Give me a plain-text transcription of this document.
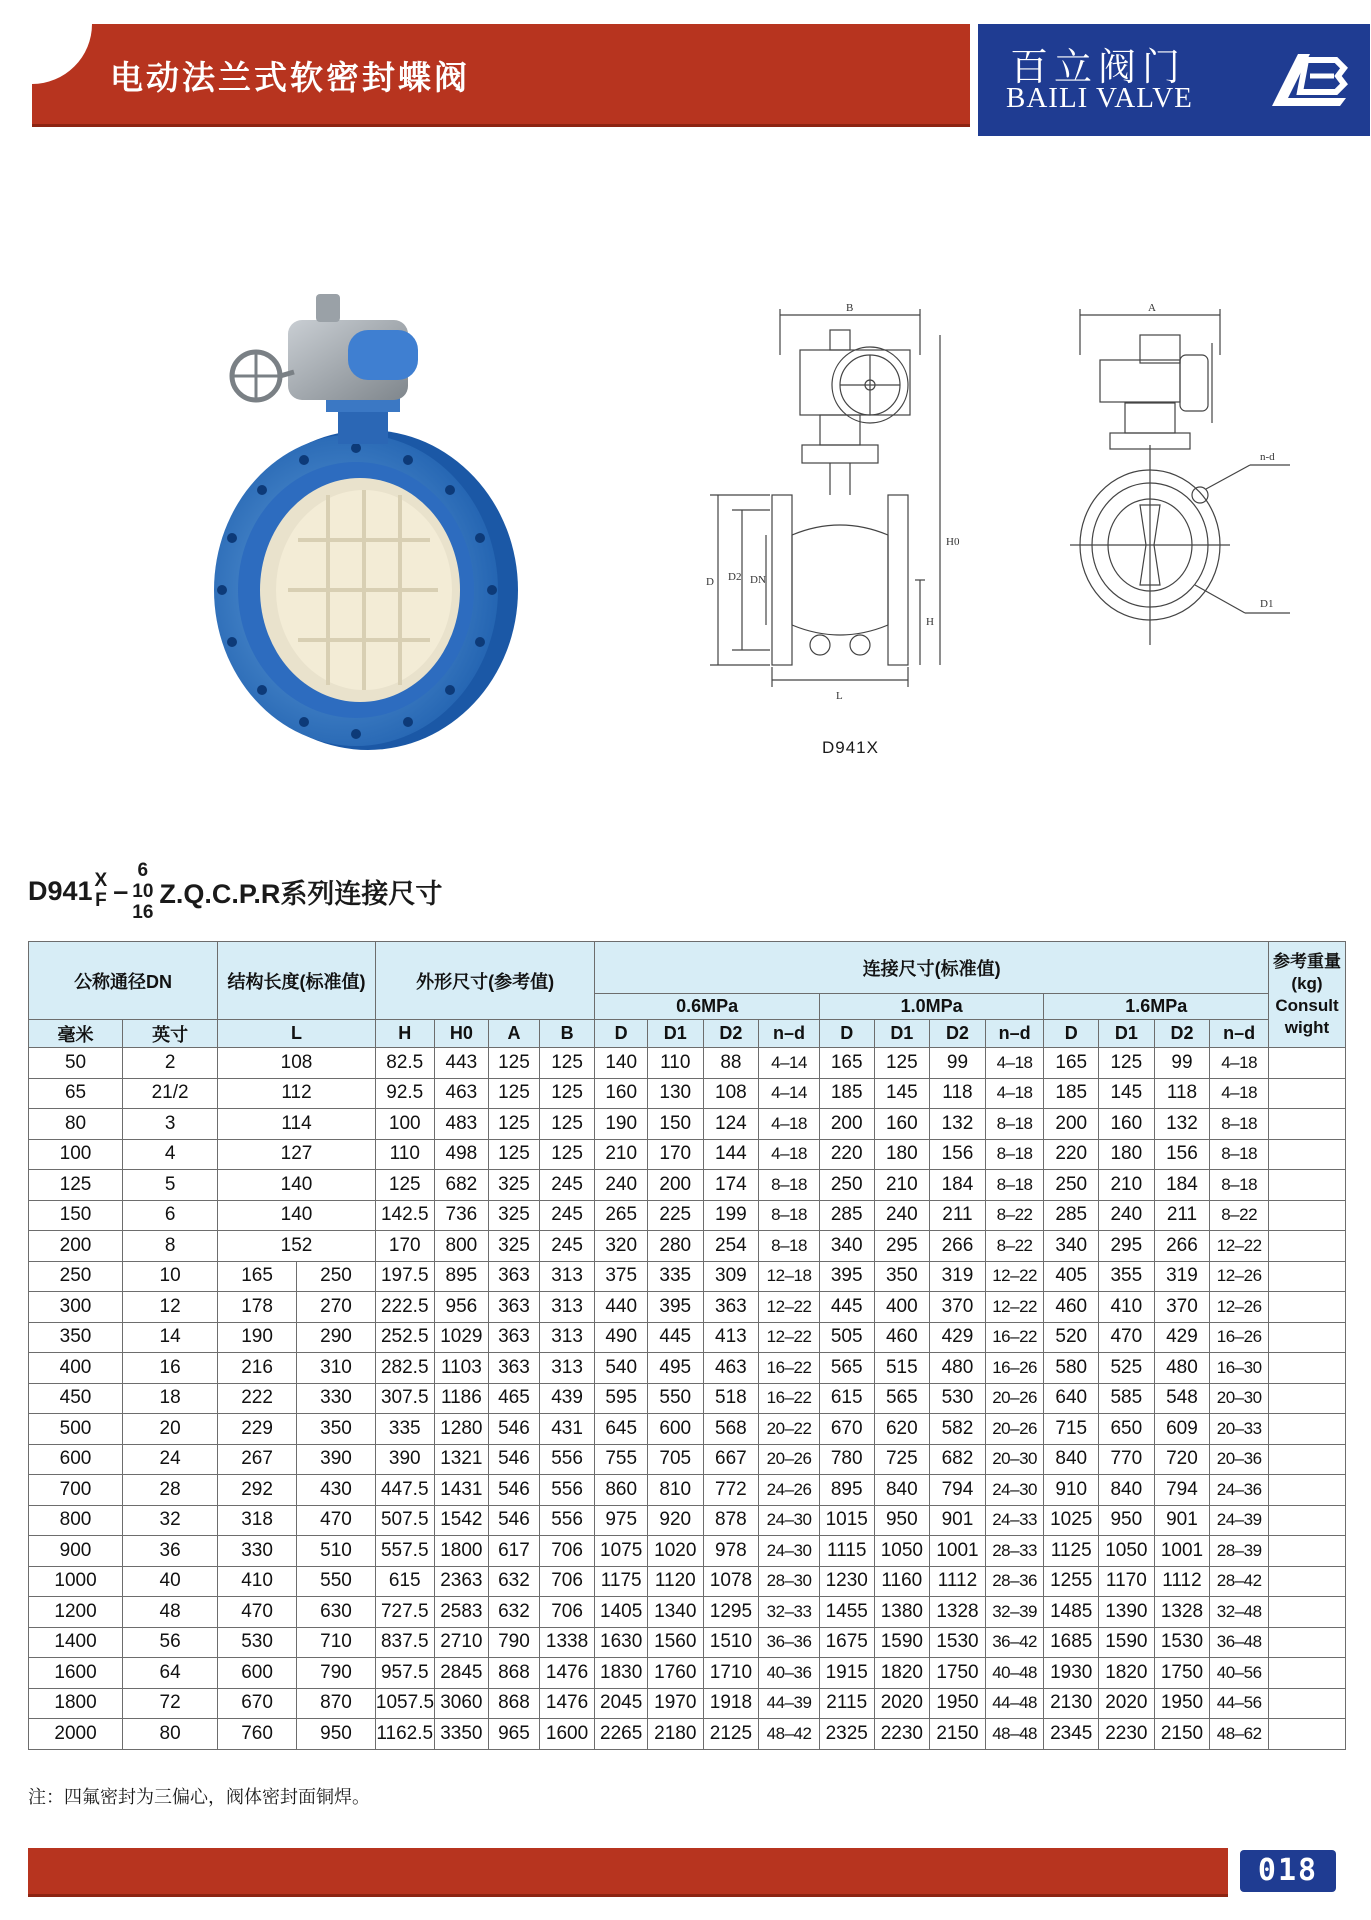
电动法兰式软密封蝶阀	百立阀门
BAILI VALVE
B	A
H0
H
D D2 DN
L
n-d
D1
D941X
D941 X
F –
6
10
16
Z.Q.C.P.R系列连接尺寸
公称通径DN		结构长度(标准值)		外形尺寸(参考值)				连接尺寸(标准值)												参考重量
(kg)
Consult
wight

								0.6MPa				1.0MPa				1.6MPa				
毫米	英寸	L		H	H0	A	B	D	D1	D2	n–d	D	D1	D2	n–d	D	D1	D2	n–d	
50	2	108		82.5	443	125	125	140	110	88	4–14	165	125	99	4–18	165	125	99	4–18	
65	21/2	112		92.5	463	125	125	160	130	108	4–14	185	145	118	4–18	185	145	118	4–18	
80	3	114		100	483	125	125	190	150	124	4–18	200	160	132	8–18	200	160	132	8–18	
100	4	127		110	498	125	125	210	170	144	4–18	220	180	156	8–18	220	180	156	8–18	
125	5	140		125	682	325	245	240	200	174	8–18	250	210	184	8–18	250	210	184	8–18	
150	6	140		142.5	736	325	245	265	225	199	8–18	285	240	211	8–22	285	240	211	8–22	
200	8	152		170	800	325	245	320	280	254	8–18	340	295	266	8–22	340	295	266	12–22	
250	10	165	250	197.5	895	363	313	375	335	309	12–18	395	350	319	12–22	405	355	319	12–26	
300	12	178	270	222.5	956	363	313	440	395	363	12–22	445	400	370	12–22	460	410	370	12–26	
350	14	190	290	252.5	1029	363	313	490	445	413	12–22	505	460	429	16–22	520	470	429	16–26	
400	16	216	310	282.5	1103	363	313	540	495	463	16–22	565	515	480	16–26	580	525	480	16–30	
450	18	222	330	307.5	1186	465	439	595	550	518	16–22	615	565	530	20–26	640	585	548	20–30	
500	20	229	350	335	1280	546	431	645	600	568	20–22	670	620	582	20–26	715	650	609	20–33	
600	24	267	390	390	1321	546	556	755	705	667	20–26	780	725	682	20–30	840	770	720	20–36	
700	28	292	430	447.5	1431	546	556	860	810	772	24–26	895	840	794	24–30	910	840	794	24–36	
800	32	318	470	507.5	1542	546	556	975	920	878	24–30	1015	950	901	24–33	1025	950	901	24–39	
900	36	330	510	557.5	1800	617	706	1075	1020	978	24–30	1115	1050	1001	28–33	1125	1050	1001	28–39	
1000	40	410	550	615	2363	632	706	1175	1120	1078	28–30	1230	1160	1112	28–36	1255	1170	1112	28–42	
1200	48	470	630	727.5	2583	632	706	1405	1340	1295	32–33	1455	1380	1328	32–39	1485	1390	1328	32–48	
1400	56	530	710	837.5	2710	790	1338	1630	1560	1510	36–36	1675	1590	1530	36–42	1685	1590	1530	36–48	
1600	64	600	790	957.5	2845	868	1476	1830	1760	1710	40–36	1915	1820	1750	40–48	1930	1820	1750	40–56	
1800	72	670	870	1057.5	3060	868	1476	2045	1970	1918	44–39	2115	2020	1950	44–48	2130	2020	1950	44–56	
2000	80	760	950	1162.5	3350	965	1600	2265	2180	2125	48–42	2325	2230	2150	48–48	2345	2230	2150	48–62	
注：四氟密封为三偏心，阀体密封面铜焊。
018
